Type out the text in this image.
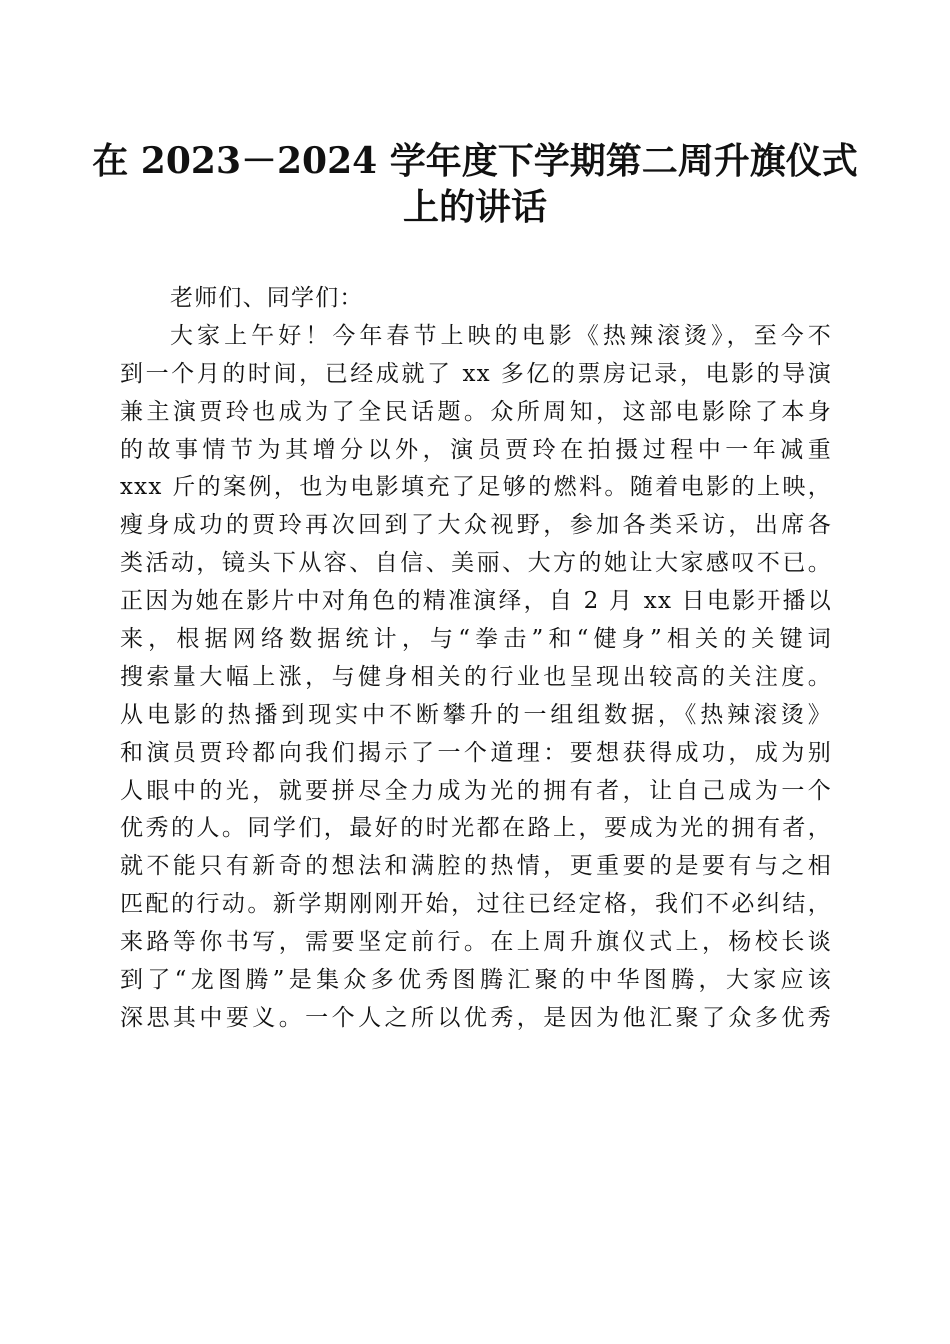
在 2023－2024 学年度下学期第二周升旗仪式
上的讲话
老师们、同学们：
大家上午好！今年春节上映的电影《热辣滚烫》，至今不
到一个月的时间，已经成就了 xx 多亿的票房记录，电影的导演
兼主演贾玲也成为了全民话题。众所周知，这部电影除了本身
的故事情节为其增分以外，演员贾玲在拍摄过程中一年减重
xxx 斤的案例，也为电影填充了足够的燃料。随着电影的上映，
瘦身成功的贾玲再次回到了大众视野，参加各类采访，出席各
类活动，镜头下从容、自信、美丽、大方的她让大家感叹不已。
正因为她在影片中对角色的精准演绎，自 2 月 xx 日电影开播以
来，根据网络数据统计，与“拳击”和“健身”相关的关键词
搜索量大幅上涨，与健身相关的行业也呈现出较高的关注度。
从电影的热播到现实中不断攀升的一组组数据，《热辣滚烫》
和演员贾玲都向我们揭示了一个道理：要想获得成功，成为别
人眼中的光，就要拼尽全力成为光的拥有者，让自己成为一个
优秀的人。同学们，最好的时光都在路上，要成为光的拥有者，
就不能只有新奇的想法和满腔的热情，更重要的是要有与之相
匹配的行动。新学期刚刚开始，过往已经定格，我们不必纠结，
来路等你书写，需要坚定前行。在上周升旗仪式上，杨校长谈
到了“龙图腾”是集众多优秀图腾汇聚的中华图腾，大家应该
深思其中要义。一个人之所以优秀，是因为他汇聚了众多优秀
